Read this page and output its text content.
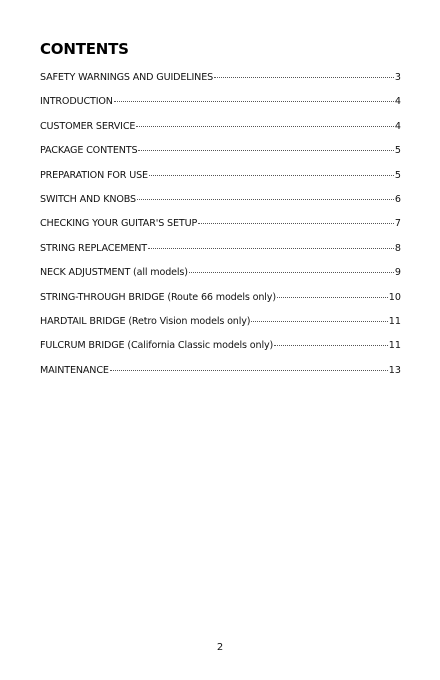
CONTENTS
SAFETY WARNINGS AND GUIDELINES	3
INTRODUCTION	4
CUSTOMER SERVICE	4
PACKAGE CONTENTS	5
PREPARATION FOR USE	5
SWITCH AND KNOBS	6
CHECKING YOUR GUITAR'S SETUP	7
STRING REPLACEMENT	8
NECK ADJUSTMENT (all models)	9
STRING-THROUGH BRIDGE (Route 66 models only)	10
HARDTAIL BRIDGE (Retro Vision models only)	11
FULCRUM BRIDGE (California Classic models only)	11
MAINTENANCE	13
2
